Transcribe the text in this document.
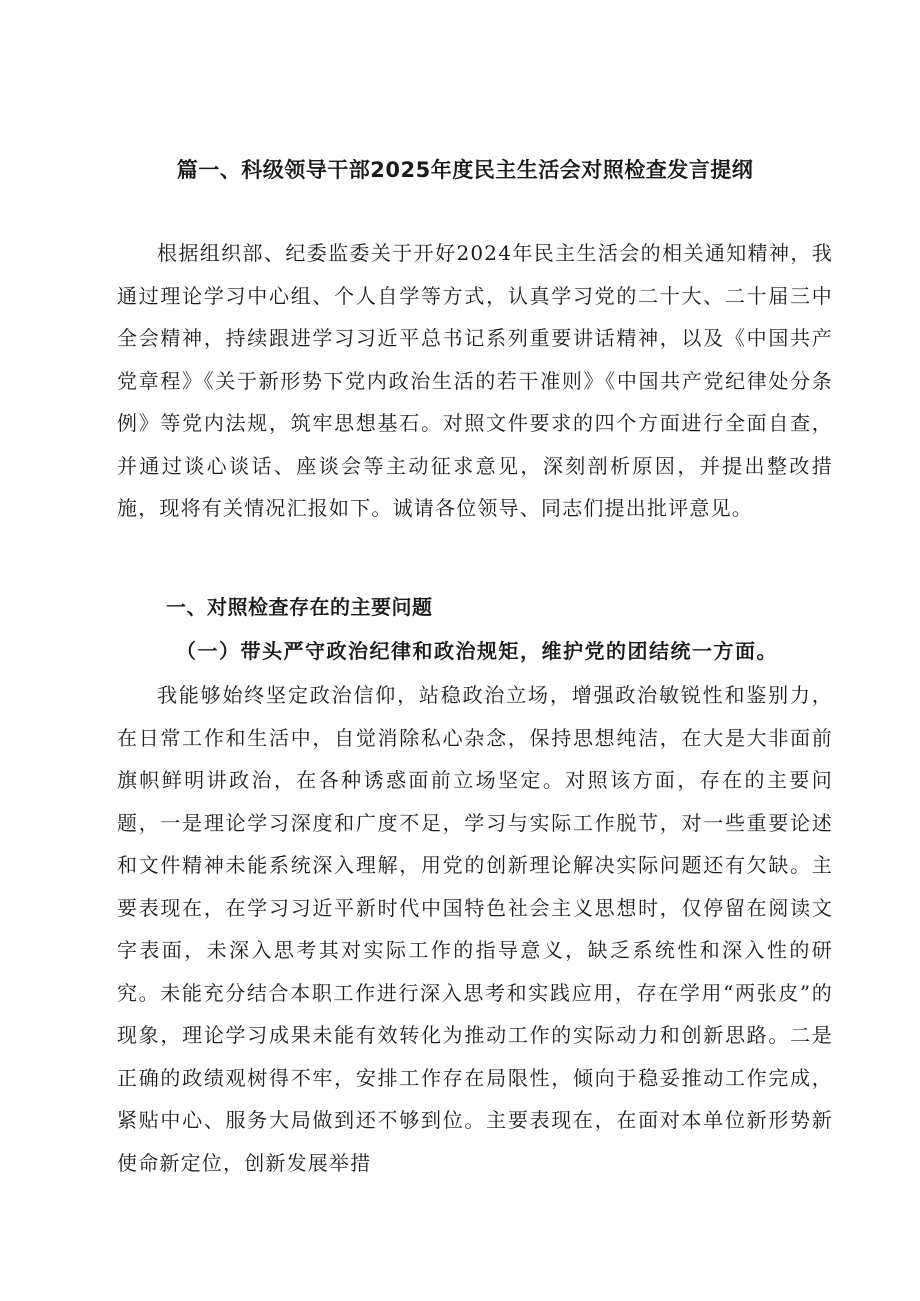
篇一、科级领导干部2025年度民主生活会对照检查发言提纲

根据组织部、纪委监委关于开好2024年民主生活会的相关通知精神，我通过理论学习中心组、个人自学等方式，认真学习党的二十大、二十届三中全会精神，持续跟进学习习近平总书记系列重要讲话精神，以及《中国共产党章程》《关于新形势下党内政治生活的若干准则》《中国共产党纪律处分条例》等党内法规，筑牢思想基石。对照文件要求的四个方面进行全面自查，并通过谈心谈话、座谈会等主动征求意见，深刻剖析原因，并提出整改措施，现将有关情况汇报如下。诚请各位领导、同志们提出批评意见。

一、对照检查存在的主要问题
（一）带头严守政治纪律和政治规矩，维护党的团结统一方面。

我能够始终坚定政治信仰，站稳政治立场，增强政治敏锐性和鉴别力，在日常工作和生活中，自觉消除私心杂念，保持思想纯洁，在大是大非面前旗帜鲜明讲政治，在各种诱惑面前立场坚定。对照该方面，存在的主要问题，一是理论学习深度和广度不足，学习与实际工作脱节，对一些重要论述和文件精神未能系统深入理解，用党的创新理论解决实际问题还有欠缺。主要表现在，在学习习近平新时代中国特色社会主义思想时，仅停留在阅读文字表面，未深入思考其对实际工作的指导意义，缺乏系统性和深入性的研究。未能充分结合本职工作进行深入思考和实践应用，存在学用“两张皮”的现象，理论学习成果未能有效转化为推动工作的实际动力和创新思路。二是正确的政绩观树得不牢，安排工作存在局限性，倾向于稳妥推动工作完成，紧贴中心、服务大局做到还不够到位。主要表现在，在面对本单位新形势新使命新定位，创新发展举措
